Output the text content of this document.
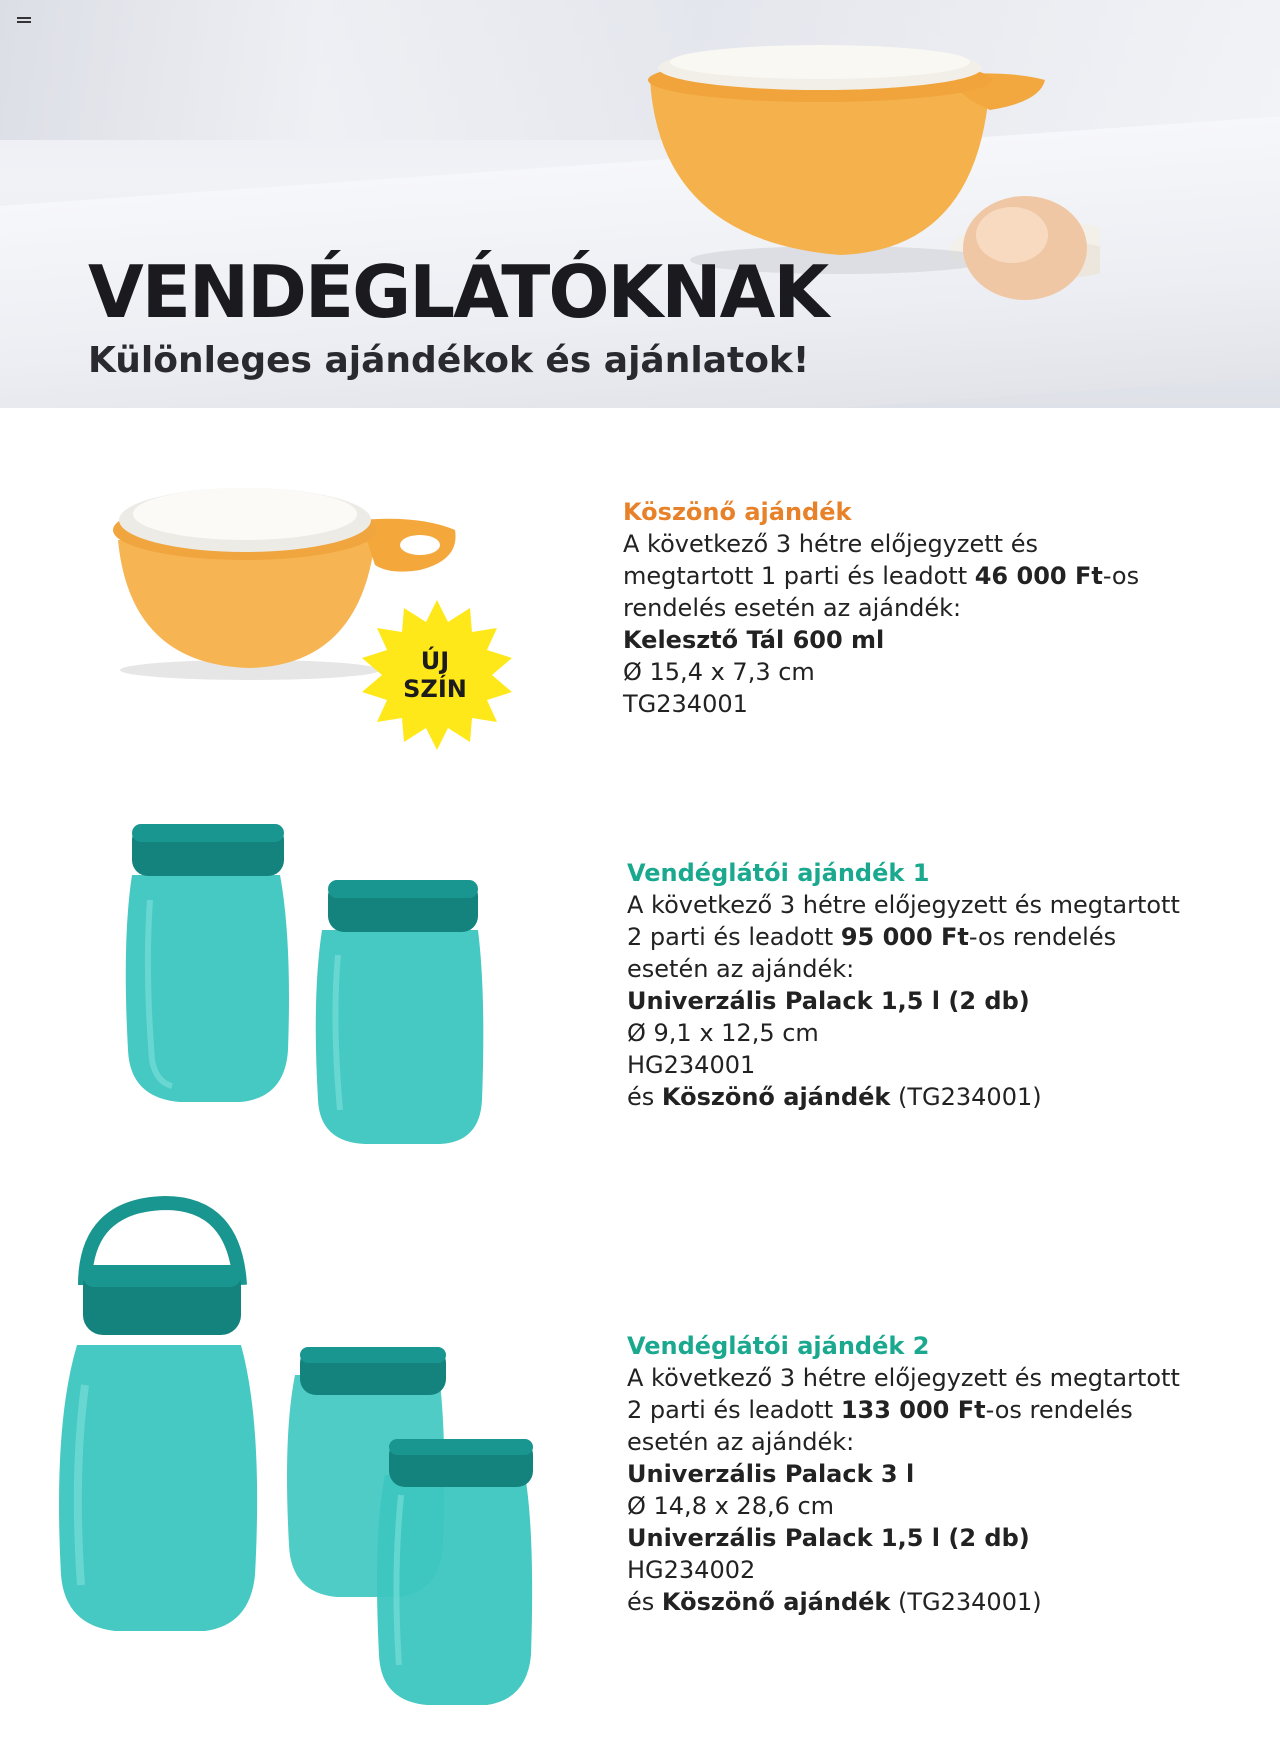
VENDÉGLÁTÓKNAK
Különleges ajándékok és ajánlatok!
ÚJ
SZÍN

Köszönő ajándék

A következő 3 hétre előjegyzett és

megtartott 1 parti és leadott 46 000 Ft-os

rendelés esetén az ajándék:

Kelesztő Tál 600 ml

Ø 15,4 x 7,3 cm

TG234001

Vendéglátói ajándék 1

A következő 3 hétre előjegyzett és megtartott

2 parti és leadott 95 000 Ft-os rendelés

esetén az ajándék:

Univerzális Palack 1,5 l (2 db)

Ø 9,1 x 12,5 cm

HG234001

és Köszönő ajándék (TG234001)

Vendéglátói ajándék 2

A következő 3 hétre előjegyzett és megtartott

2 parti és leadott 133 000 Ft-os rendelés

esetén az ajándék:

Univerzális Palack 3 l

Ø 14,8 x 28,6 cm

Univerzális Palack 1,5 l (2 db)

HG234002

és Köszönő ajándék (TG234001)
